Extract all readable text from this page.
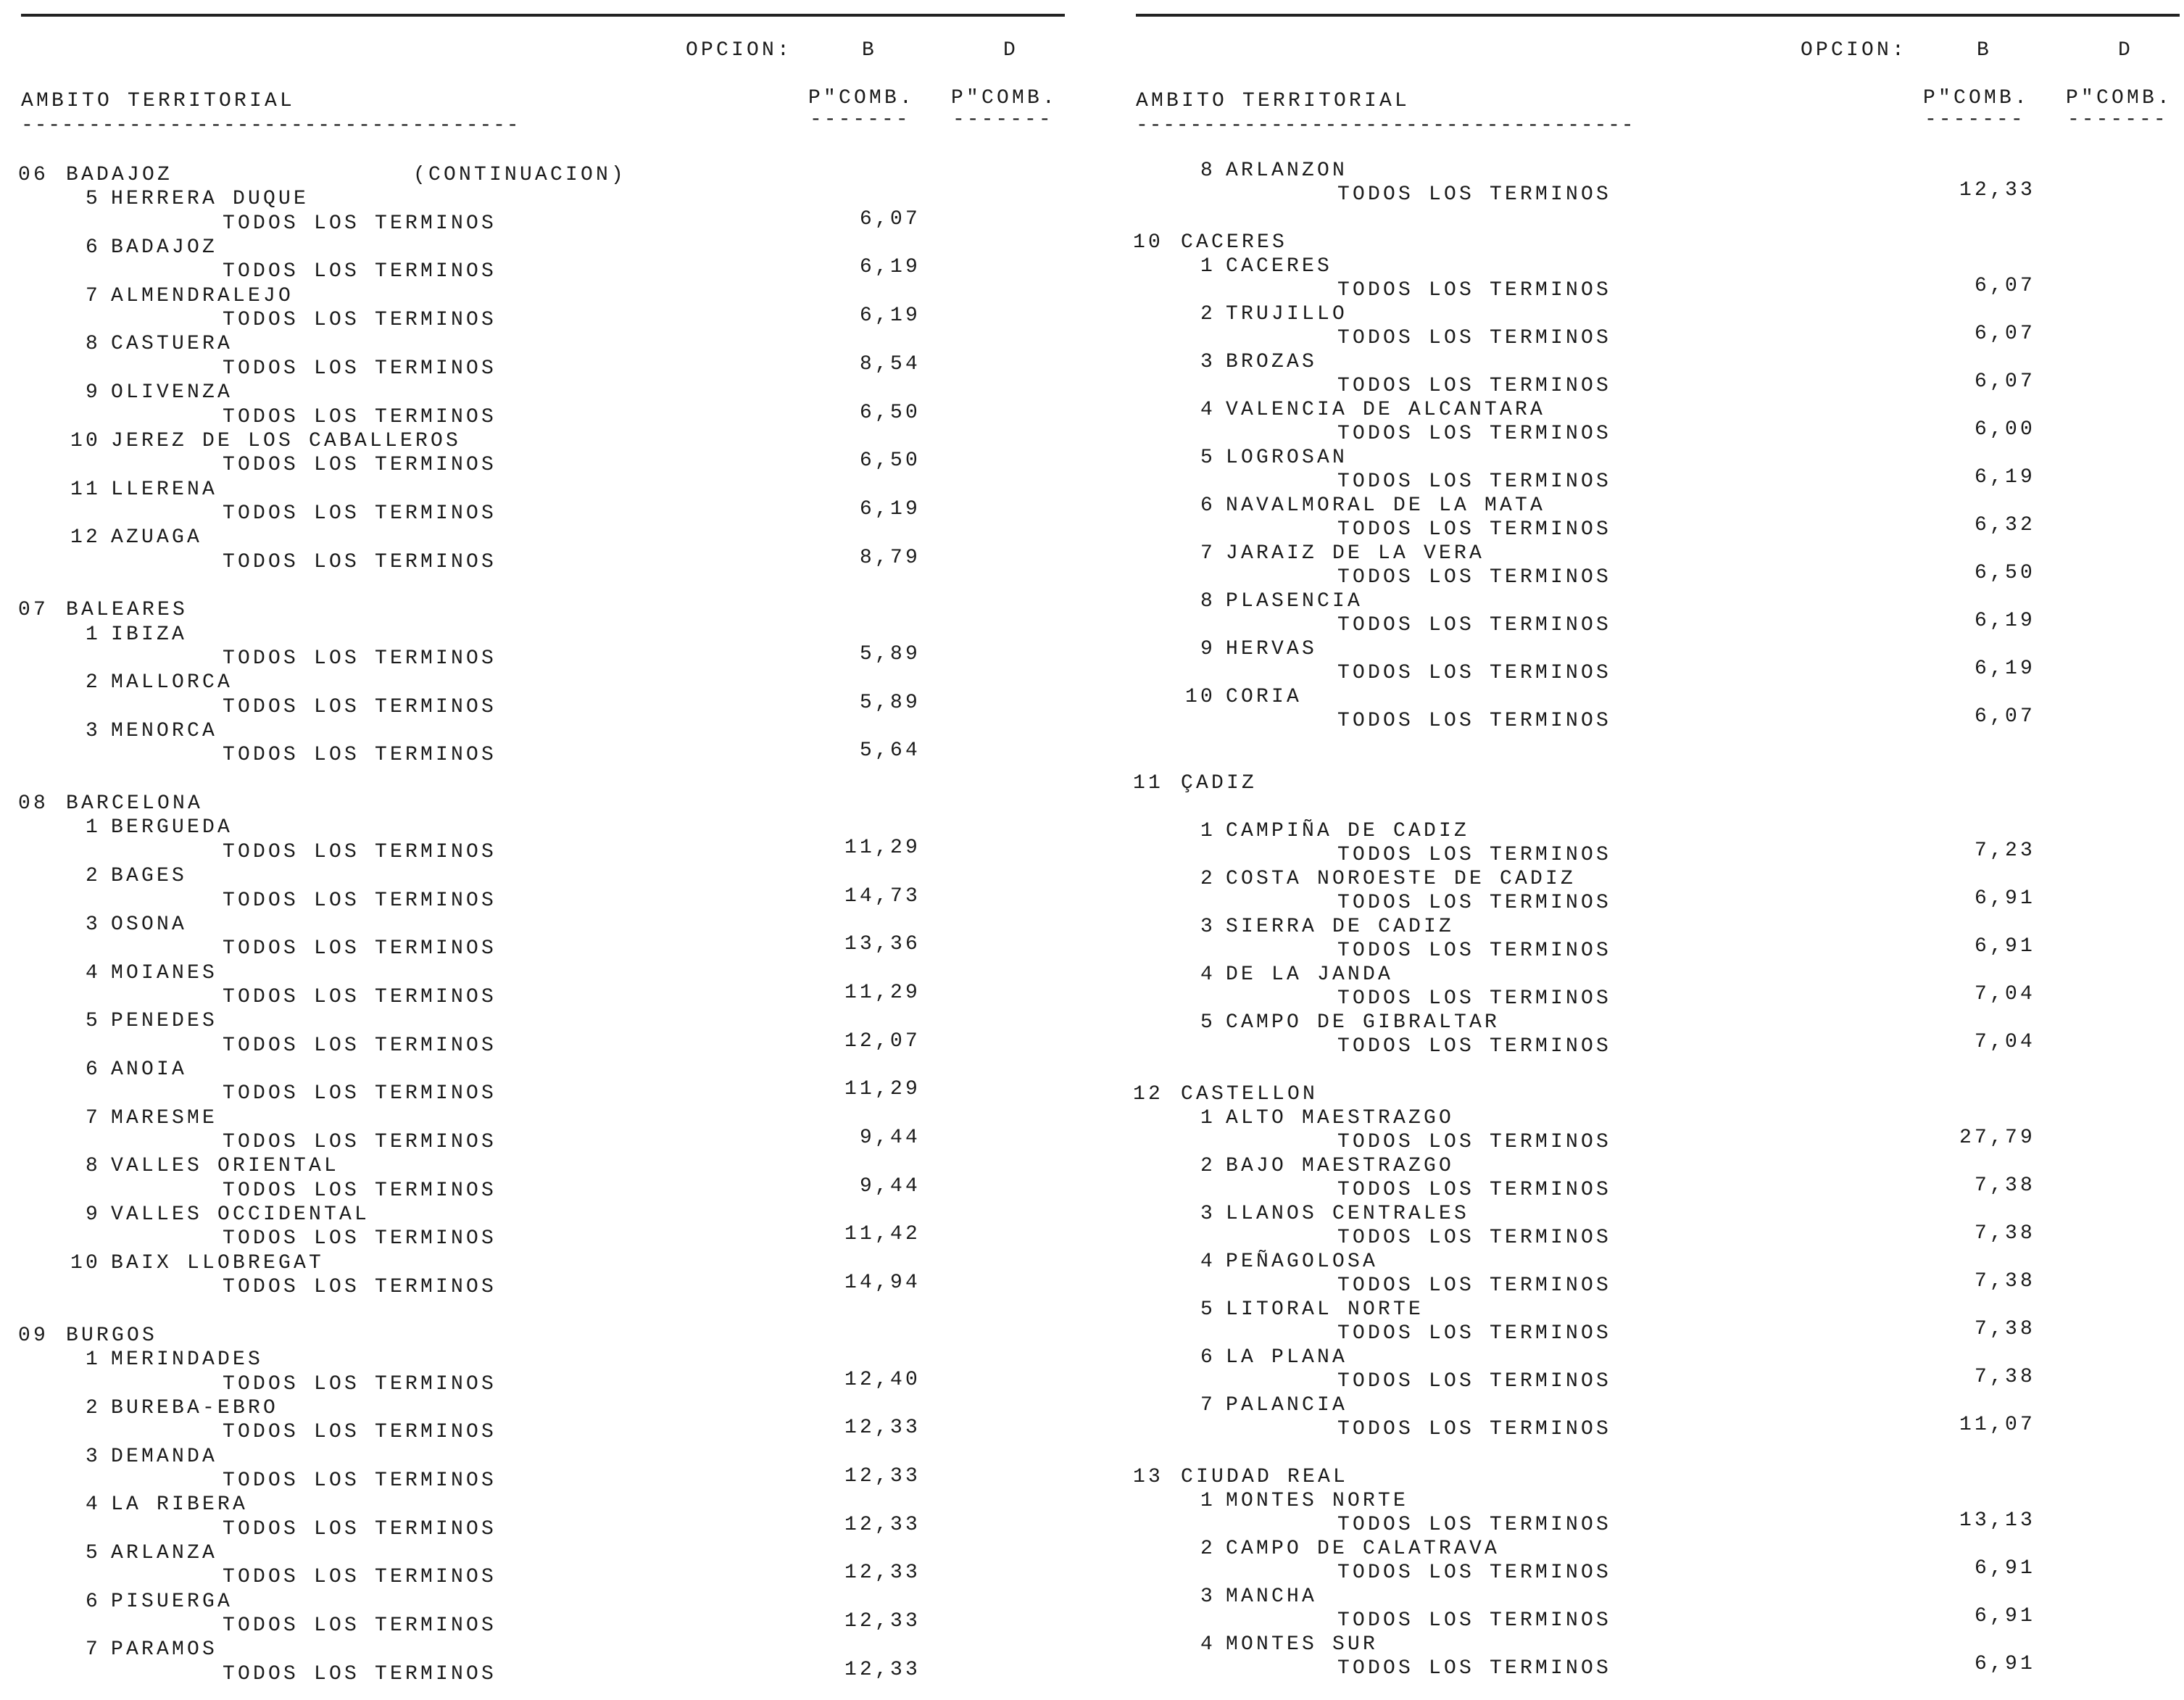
OPCION:	B	D
AMBITO TERRITORIAL
-------------------------------------
P"COMB. P"COMB.
------- -------
06 BADAJOZ	(CONTINUACION)
5 HERRERA DUQUE
TODOS LOS TERMINOS	6,07
6 BADAJOZ
TODOS LOS TERMINOS	6,19
7 ALMENDRALEJO
TODOS LOS TERMINOS	6,19
8 CASTUERA
TODOS LOS TERMINOS	8,54
9 OLIVENZA
TODOS LOS TERMINOS	6,50
10 JEREZ DE LOS CABALLEROS
TODOS LOS TERMINOS	6,50
11 LLERENA
TODOS LOS TERMINOS	6,19
12 AZUAGA
TODOS LOS TERMINOS	8,79
07 BALEARES
1 IBIZA
TODOS LOS TERMINOS	5,89
2 MALLORCA
TODOS LOS TERMINOS	5,89
3 MENORCA
TODOS LOS TERMINOS	5,64
08 BARCELONA
1 BERGUEDA
TODOS LOS TERMINOS	11,29
2 BAGES
TODOS LOS TERMINOS	14,73
3 OSONA
TODOS LOS TERMINOS	13,36
4 MOIANES
TODOS LOS TERMINOS	11,29
5 PENEDES
TODOS LOS TERMINOS	12,07
6 ANOIA
TODOS LOS TERMINOS	11,29
7 MARESME
TODOS LOS TERMINOS	9,44
8 VALLES ORIENTAL
TODOS LOS TERMINOS	9,44
9 VALLES OCCIDENTAL
TODOS LOS TERMINOS	11,42
10 BAIX LLOBREGAT
TODOS LOS TERMINOS	14,94
09 BURGOS
1 MERINDADES
TODOS LOS TERMINOS	12,40
2 BUREBA-EBRO
TODOS LOS TERMINOS	12,33
3 DEMANDA
TODOS LOS TERMINOS	12,33
4 LA RIBERA
TODOS LOS TERMINOS	12,33
5 ARLANZA
TODOS LOS TERMINOS	12,33
6 PISUERGA
TODOS LOS TERMINOS	12,33
7 PARAMOS
TODOS LOS TERMINOS	12,33
OPCION:	B	D
AMBITO TERRITORIAL
-------------------------------------
P"COMB. P"COMB.
------- -------
8 ARLANZON
TODOS LOS TERMINOS	12,33
10 CACERES
1 CACERES
TODOS LOS TERMINOS	6,07
2 TRUJILLO
TODOS LOS TERMINOS	6,07
3 BROZAS
TODOS LOS TERMINOS	6,07
4 VALENCIA DE ALCANTARA
TODOS LOS TERMINOS	6,00
5 LOGROSAN
TODOS LOS TERMINOS	6,19
6 NAVALMORAL DE LA MATA
TODOS LOS TERMINOS	6,32
7 JARAIZ DE LA VERA
TODOS LOS TERMINOS	6,50
8 PLASENCIA
TODOS LOS TERMINOS	6,19
9 HERVAS
TODOS LOS TERMINOS	6,19
10 CORIA
TODOS LOS TERMINOS	6,07
11 ÇADIZ
1 CAMPIÑA DE CADIZ
TODOS LOS TERMINOS	7,23
2 COSTA NOROESTE DE CADIZ
TODOS LOS TERMINOS	6,91
3 SIERRA DE CADIZ
TODOS LOS TERMINOS	6,91
4 DE LA JANDA
TODOS LOS TERMINOS	7,04
5 CAMPO DE GIBRALTAR
TODOS LOS TERMINOS	7,04
12 CASTELLON
1 ALTO MAESTRAZGO
TODOS LOS TERMINOS	27,79
2 BAJO MAESTRAZGO
TODOS LOS TERMINOS	7,38
3 LLANOS CENTRALES
TODOS LOS TERMINOS	7,38
4 PEÑAGOLOSA
TODOS LOS TERMINOS	7,38
5 LITORAL NORTE
TODOS LOS TERMINOS	7,38
6 LA PLANA
TODOS LOS TERMINOS	7,38
7 PALANCIA
TODOS LOS TERMINOS	11,07
13 CIUDAD REAL
1 MONTES NORTE
TODOS LOS TERMINOS	13,13
2 CAMPO DE CALATRAVA
TODOS LOS TERMINOS	6,91
3 MANCHA
TODOS LOS TERMINOS	6,91
4 MONTES SUR
TODOS LOS TERMINOS	6,91
